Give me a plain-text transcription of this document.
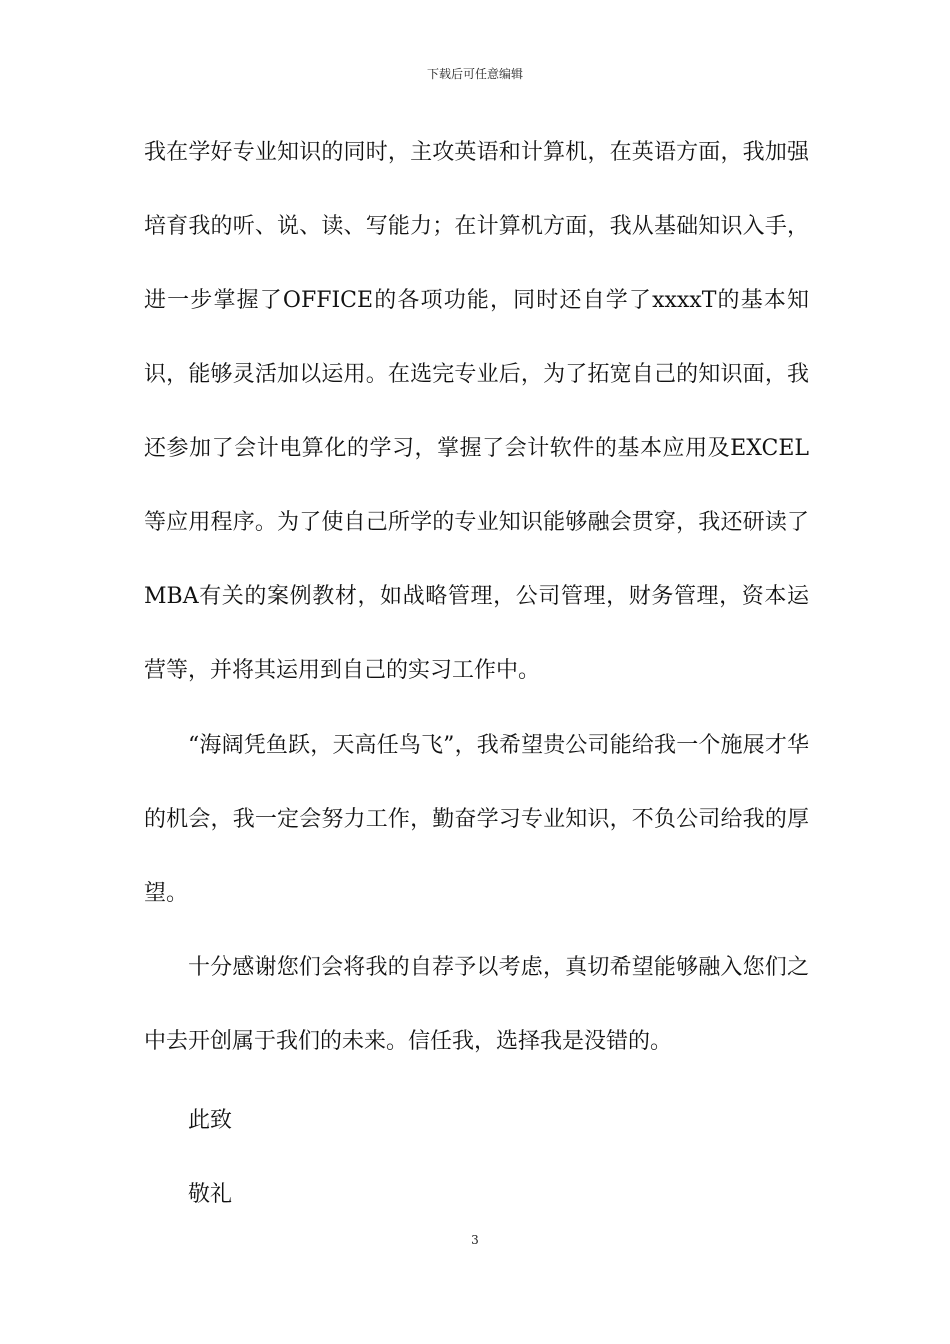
下载后可任意编辑

我在学好专业知识的同时，主攻英语和计算机，在英语方面，我加强培育我的听、说、读、写能力；在计算机方面，我从基础知识入手，进一步掌握了OFFICE的各项功能，同时还自学了xxxxT的基本知识，能够灵活加以运用。在选完专业后，为了拓宽自己的知识面，我还参加了会计电算化的学习，掌握了会计软件的基本应用及EXCEL等应用程序。为了使自己所学的专业知识能够融会贯穿，我还研读了MBA有关的案例教材，如战略管理，公司管理，财务管理，资本运营等，并将其运用到自己的实习工作中。

“海阔凭鱼跃，天高任鸟飞”，我希望贵公司能给我一个施展才华的机会，我一定会努力工作，勤奋学习专业知识，不负公司给我的厚望。

十分感谢您们会将我的自荐予以考虑，真切希望能够融入您们之中去开创属于我们的未来。信任我，选择我是没错的。

此致

敬礼

3
